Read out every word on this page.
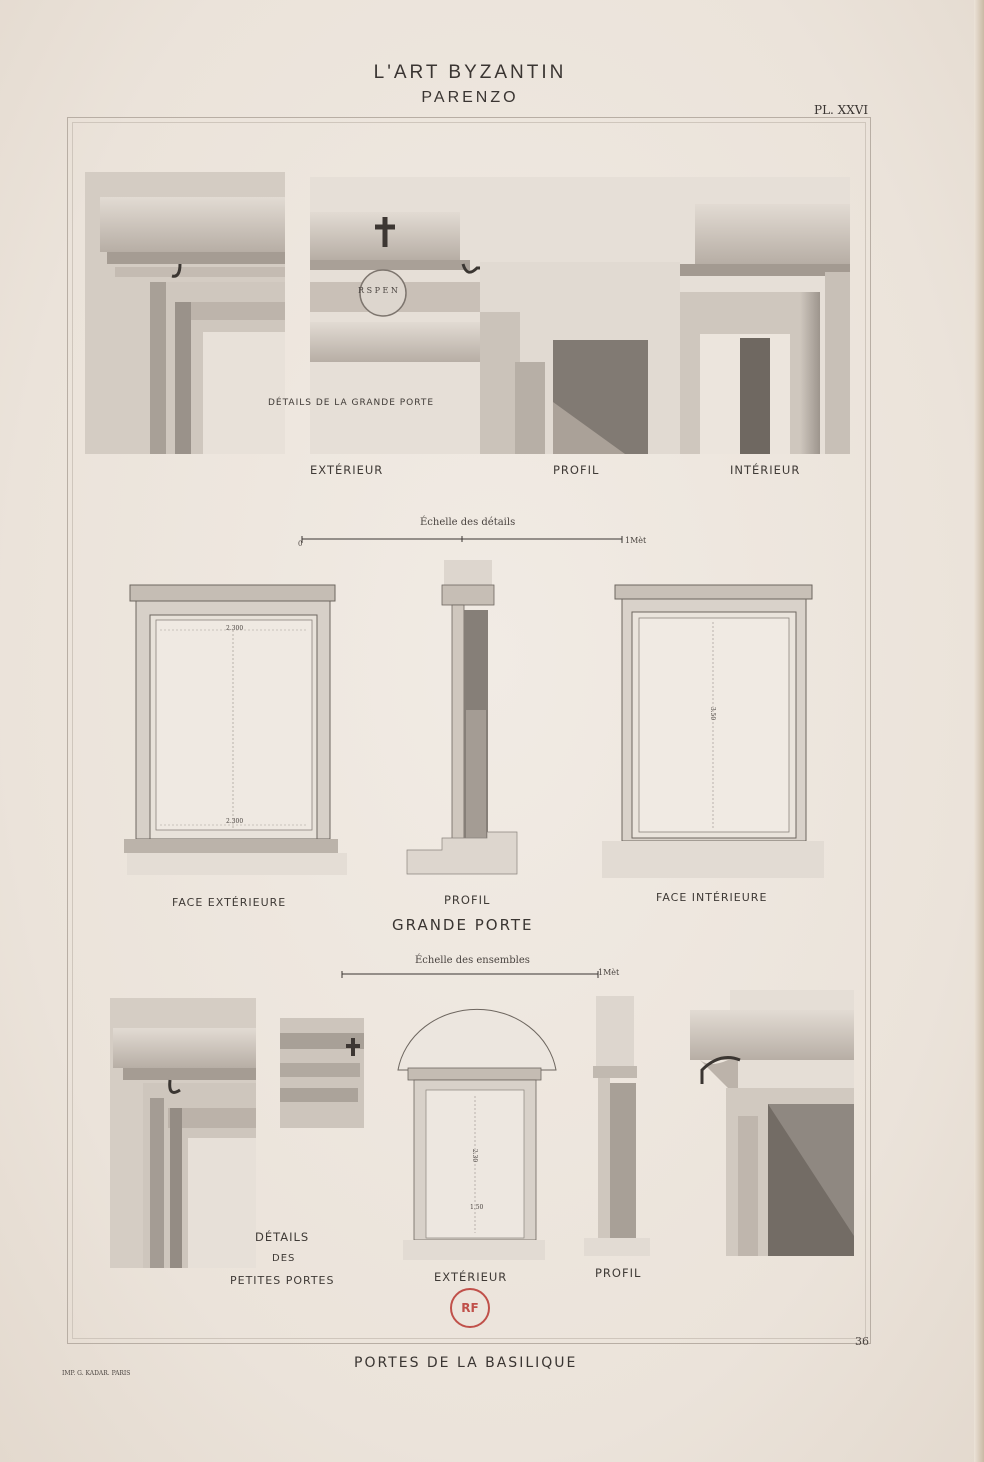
L'ART BYZANTIN
PARENZO
PL. XXVI
R S P E N
DÉTAILS DE LA GRANDE PORTE
EXTÉRIEUR	PROFIL	INTÉRIEUR
Échelle des détails
0	1Mèt
2.300
2.300
3.50
FACE EXTÉRIEURE	PROFIL	FACE INTÉRIEURE
GRANDE PORTE
Échelle des ensembles
1Mèt
DÉTAILS
DES
PETITES PORTES
1.50
2.30
EXTÉRIEUR	PROFIL
RF
36
IMP. G. KADAR. PARIS
PORTES DE LA BASILIQUE
